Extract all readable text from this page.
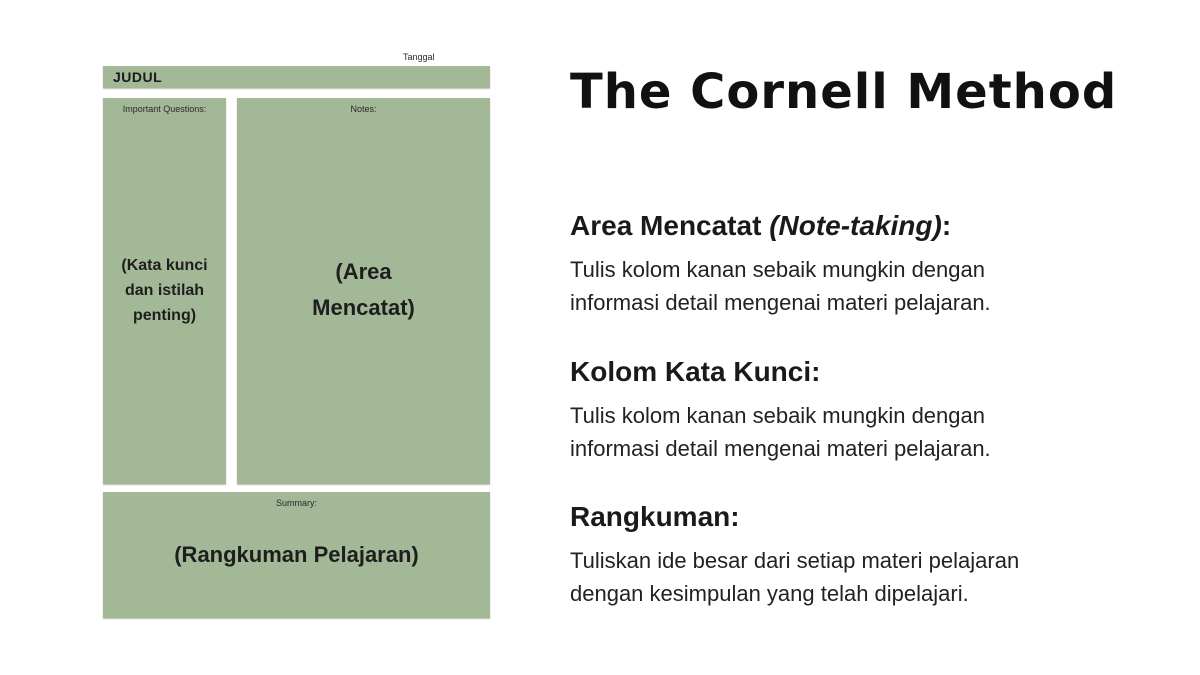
Tanggal
JUDUL
Important Questions:
(Kata kunci
dan istilah
penting)
Notes:
(Area
Mencatat)
Summary:
(Rangkuman Pelajaran)
The Cornell Method
Area Mencatat (Note-taking):
Tulis kolom kanan sebaik mungkin dengan
informasi detail mengenai materi pelajaran.
Kolom Kata Kunci:
Tulis kolom kanan sebaik mungkin dengan
informasi detail mengenai materi pelajaran.
Rangkuman:
Tuliskan ide besar dari setiap materi pelajaran
dengan kesimpulan yang telah dipelajari.
